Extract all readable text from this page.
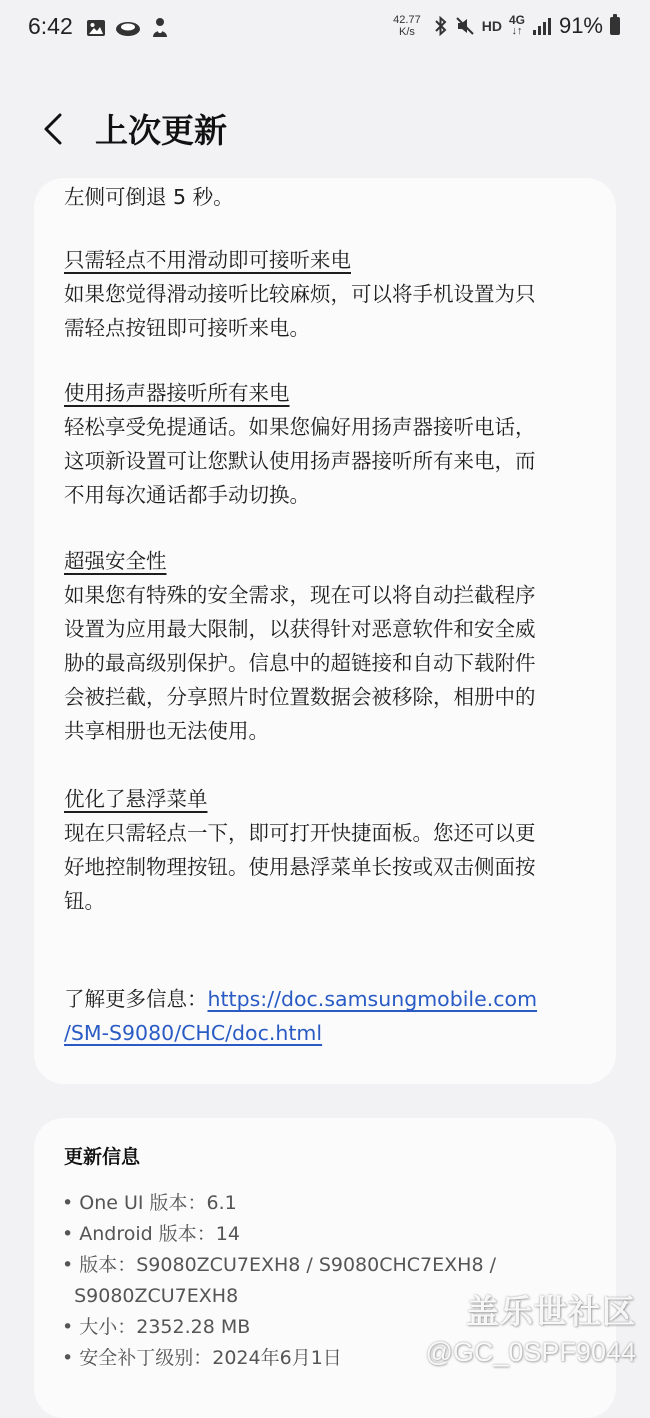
6:42	42.77
K/s	HD 4G
↓↑ 91%
上次更新
左侧可倒退 5 秒。
只需轻点不用滑动即可接听来电
如果您觉得滑动接听比较麻烦，可以将手机设置为只
需轻点按钮即可接听来电。
使用扬声器接听所有来电
轻松享受免提通话。如果您偏好用扬声器接听电话，
这项新设置可让您默认使用扬声器接听所有来电，而
不用每次通话都手动切换。
超强安全性
如果您有特殊的安全需求，现在可以将自动拦截程序
设置为应用最大限制，以获得针对恶意软件和安全威
胁的最高级别保护。信息中的超链接和自动下载附件
会被拦截，分享照片时位置数据会被移除，相册中的
共享相册也无法使用。
优化了悬浮菜单
现在只需轻点一下，即可打开快捷面板。您还可以更
好地控制物理按钮。使用悬浮菜单长按或双击侧面按
钮。
了解更多信息：https://doc.samsungmobile.com
/SM-S9080/CHC/doc.html
更新信息
• One UI 版本：6.1
• Android 版本：14
• 版本：S9080ZCU7EXH8 / S9080CHC7EXH8 /
S9080ZCU7EXH8
• 大小：2352.28 MB
• 安全补丁级别：2024年6月1日
盖乐世社区
@GC_0SPF9044
